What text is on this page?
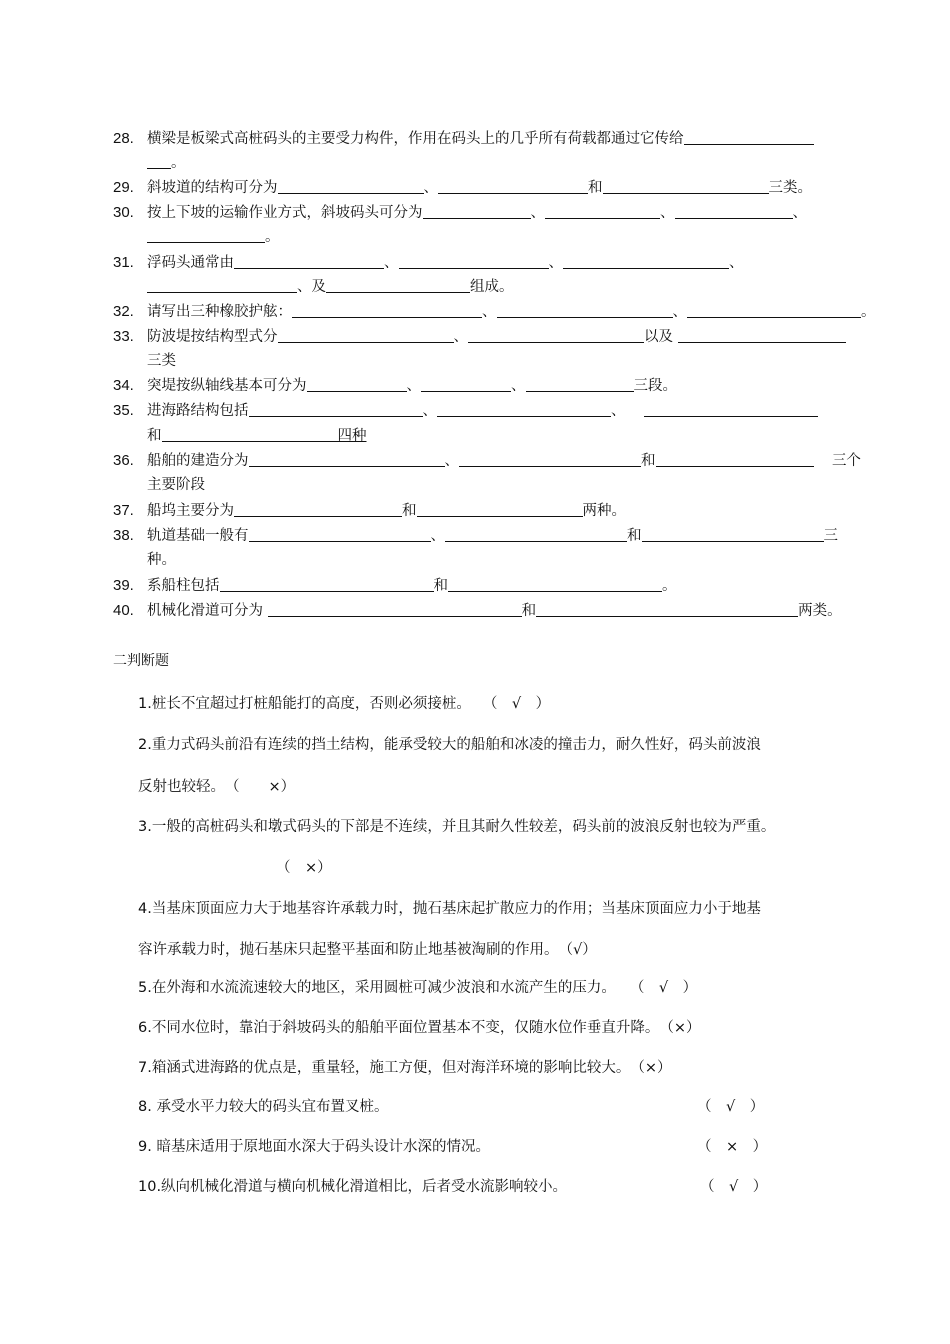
28. 横梁是板梁式高桩码头的主要受力构件，作用在码头上的几乎所有荷载都通过它传给
。
29. 斜坡道的结构可分为	、	和	三类。
30. 按上下坡的运输作业方式，斜坡码头可分为	、	、	、
。
31. 浮码头通常由	、	、	、
、及	组成。
32. 请写出三种橡胶护舷：	、	、	。
33. 防波堤按结构型式分	、	以及
三类
34. 突堤按纵轴线基本可分为	、	、	三段。
35. 进海路结构包括	、	、
和	四种
36. 船舶的建造分为	、	和	三个
主要阶段
37. 船坞主要分为	和	两种。
38. 轨道基础一般有	、	和	三
种。
39. 系船柱包括	和	。
40. 机械化滑道可分为	和	两类。
二判断题
1.桩长不宜超过打桩船能打的高度，否则必须接桩。 （　√　）
2.重力式码头前沿有连续的挡土结构，能承受较大的船舶和冰凌的撞击力，耐久性好，码头前波浪
反射也较轻。（　　×）
3.一般的高桩码头和墩式码头的下部是不连续，并且其耐久性较差，码头前的波浪反射也较为严重。
（　×）
4.当基床顶面应力大于地基容许承载力时，抛石基床起扩散应力的作用；当基床顶面应力小于地基
容许承载力时，抛石基床只起整平基面和防止地基被淘刷的作用。（√）
5.在外海和水流流速较大的地区，采用圆桩可减少波浪和水流产生的压力。 （　√　）
6.不同水位时，靠泊于斜坡码头的船舶平面位置基本不变，仅随水位作垂直升降。（×）
7.箱涵式进海路的优点是，重量轻，施工方便，但对海洋环境的影响比较大。（×）
8. 承受水平力较大的码头宜布置叉桩。	（　√　）
9. 暗基床适用于原地面水深大于码头设计水深的情况。	（　×　）
10.纵向机械化滑道与横向机械化滑道相比，后者受水流影响较小。	（　√　）
